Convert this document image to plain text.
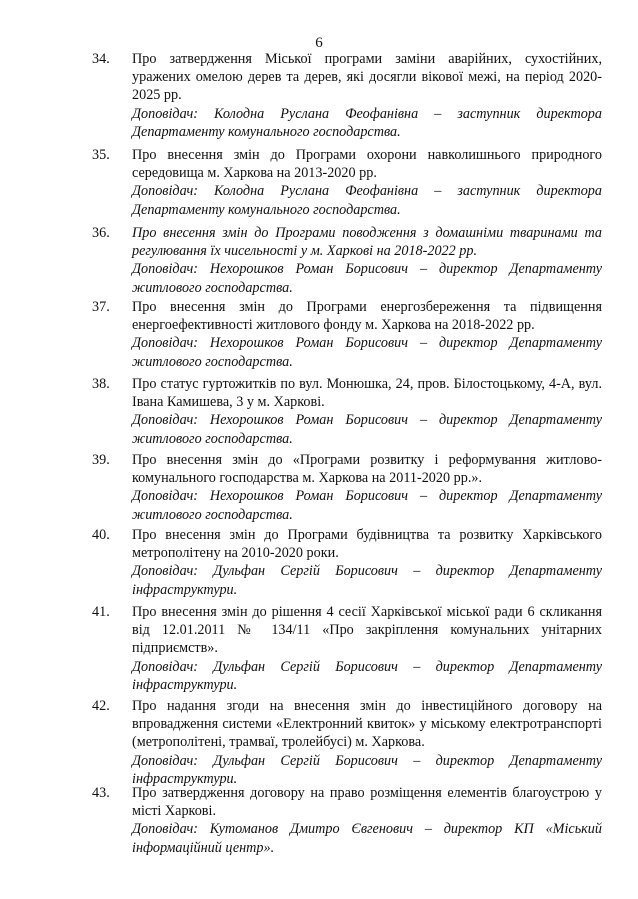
6
34. Про затвердження Міської програми заміни аварійних, сухостійних, уражених омелою дерев та дерев, які досягли вікової межі, на період 2020-2025 рр.

Доповідач: Колодна Руслана Феофанівна – заступник директора Департаменту комунального господарства.

35. Про внесення змін до Програми охорони навколишнього природного середовища м. Харкова на 2013-2020 рр.

Доповідач: Колодна Руслана Феофанівна – заступник директора Департаменту комунального господарства.

36. Про внесення змін до Програми поводження з домашніми тваринами та регулювання їх чисельності у м. Харкові на 2018-2022 рр.

Доповідач: Нехорошков Роман Борисович – директор Департаменту житлового господарства.

37. Про внесення змін до Програми енергозбереження та підвищення енергоефективності житлового фонду м. Харкова на 2018-2022 рр.

Доповідач: Нехорошков Роман Борисович – директор Департаменту житлового господарства.

38. Про статус гуртожитків по вул. Монюшка, 24, пров. Білостоцькому, 4-А, вул. Івана Камишева, 3 у м. Харкові.

Доповідач: Нехорошков Роман Борисович – директор Департаменту житлового господарства.

39. Про внесення змін до «Програми розвитку і реформування житлово-комунального господарства м. Харкова на 2011-2020 рр.».

Доповідач: Нехорошков Роман Борисович – директор Департаменту житлового господарства.

40. Про внесення змін до Програми будівництва та розвитку Харківського метрополітену на 2010-2020 роки.

Доповідач: Дульфан Сергій Борисович – директор Департаменту інфраструктури.

41. Про внесення змін до рішення 4 сесії Харківської міської ради 6 скликання від 12.01.2011 № 134/11 «Про закріплення комунальних унітарних підприємств».

Доповідач: Дульфан Сергій Борисович – директор Департаменту інфраструктури.

42. Про надання згоди на внесення змін до інвестиційного договору на впровадження системи «Електронний квиток» у міському електротранспорті (метрополітені, трамваї, тролейбусі) м. Харкова.

Доповідач: Дульфан Сергій Борисович – директор Департаменту інфраструктури.

43. Про затвердження договору на право розміщення елементів благоустрою у місті Харкові.

Доповідач: Кутоманов Дмитро Євгенович – директор КП «Міський інформаційний центр».
